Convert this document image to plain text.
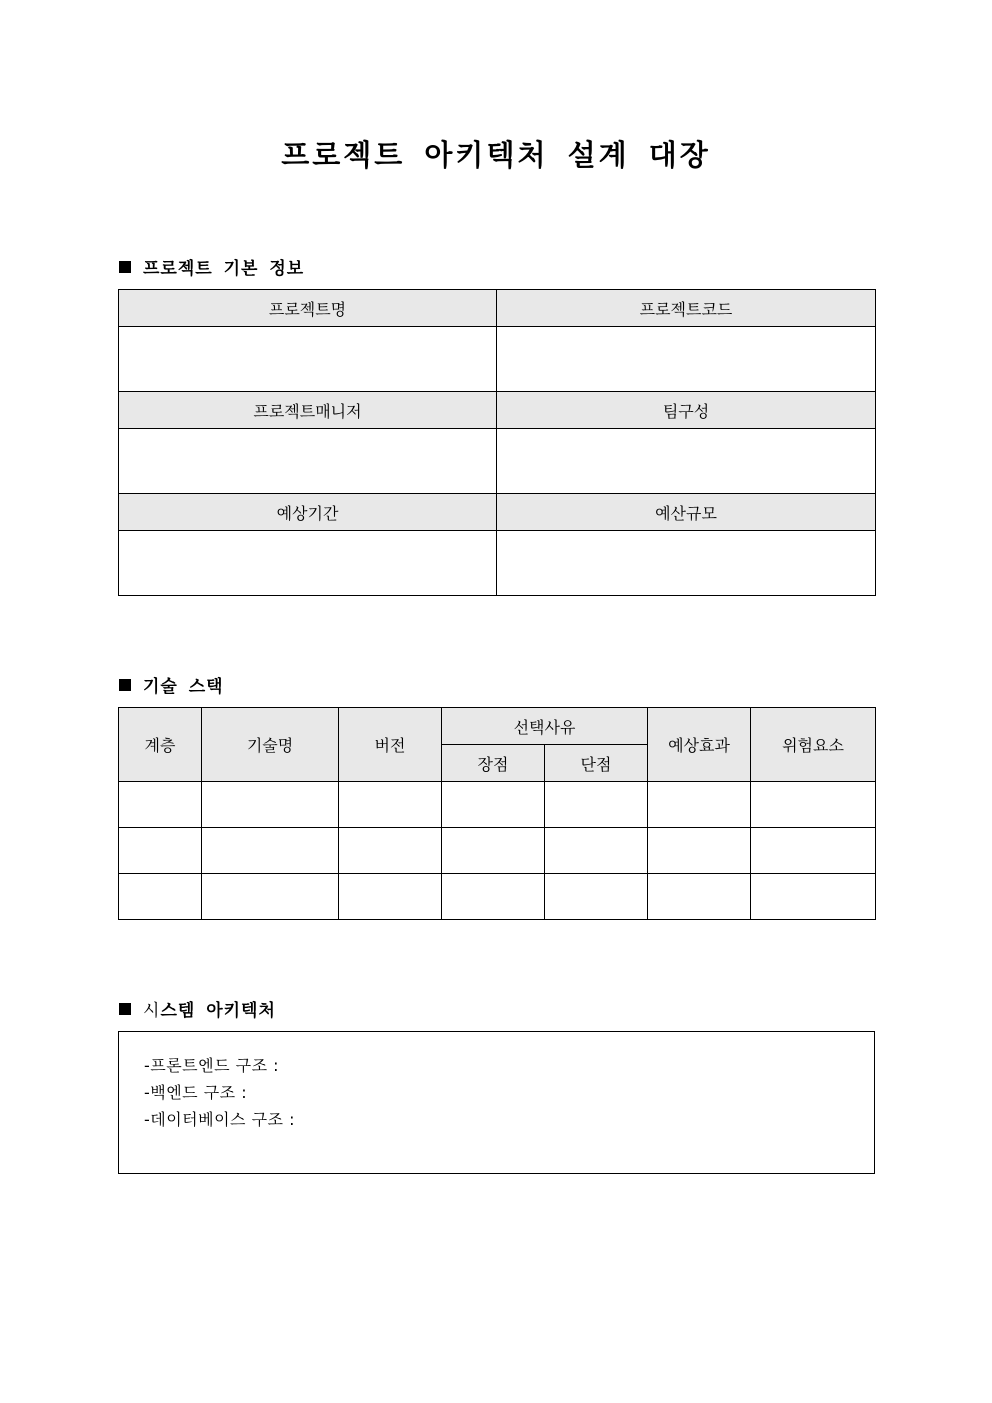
프로젝트 아키텍처 설계 대장
프로젝트 기본 정보
프로젝트명	프로젝트코드

프로젝트매니저	팀구성

예상기간	예산규모

기술 스택
계층	기술명	버전	선택사유		예상효과	위험요소
			장점	단점		

시 스템 아키텍처
-프론트엔드 구조 :
-백엔드 구조 :
-데이터베이스 구조 :
